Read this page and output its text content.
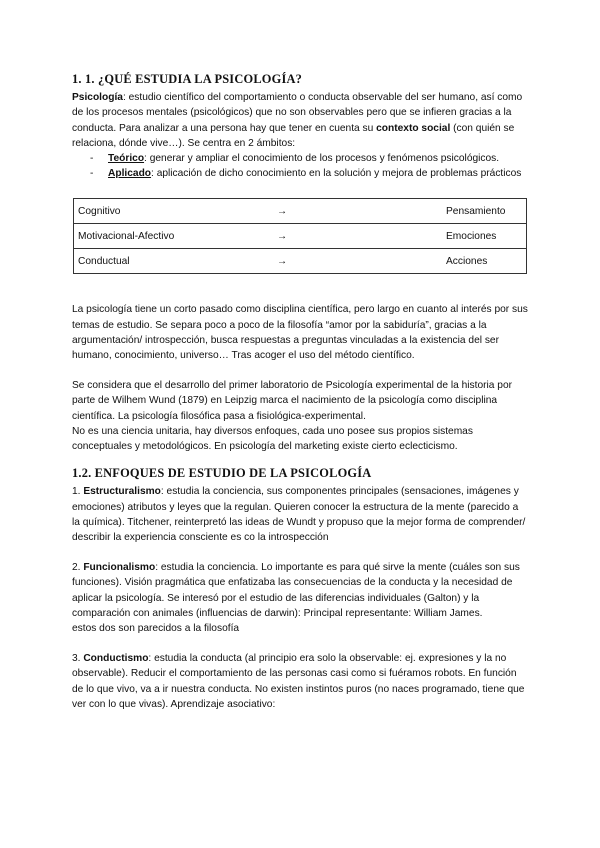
1. 1. ¿QUÉ ESTUDIA LA PSICOLOGÍA?

Psicología: estudio científico del comportamiento o conducta observable del ser humano, así como de los procesos mentales (psicológicos) que no son observables pero que se infieren gracias a la conducta. Para analizar a una persona hay que tener en cuenta su contexto social (con quién se relaciona, dónde vive…). Se centra en 2 ámbitos:

- Teórico: generar y ampliar el conocimiento de los procesos y fenómenos psicológicos.
- Aplicado: aplicación de dicho conocimiento en la solución y mejora de problemas prácticos
Cognitivo	→	Pensamiento
Motivacional-Afectivo	→	Emociones
Conductual	→	Acciones

La psicología tiene un corto pasado como disciplina científica, pero largo en cuanto al interés por sus temas de estudio. Se separa poco a poco de la filosofía “amor por la sabiduría”, gracias a la argumentación/ introspección, busca respuestas a preguntas vinculadas a la existencia del ser humano, conocimiento, universo… Tras acoger el uso del método científico.

Se considera que el desarrollo del primer laboratorio de Psicología experimental de la historia por parte de Wilhem Wund (1879) en Leipzig marca el nacimiento de la psicología como disciplina científica. La psicología filosófica pasa a fisiológica-experimental.

No es una ciencia unitaria, hay diversos enfoques, cada uno posee sus propios sistemas conceptuales y metodológicos. En psicología del marketing existe cierto eclecticismo.

1.2. ENFOQUES DE ESTUDIO DE LA PSICOLOGÍA

1. Estructuralismo: estudia la conciencia, sus componentes principales (sensaciones, imágenes y emociones) atributos y leyes que la regulan. Quieren conocer la estructura de la mente (parecido a la química). Titchener, reinterpretó las ideas de Wundt y propuso que la mejor forma de comprender/ describir la experiencia consciente es co la introspección

2. Funcionalismo: estudia la conciencia. Lo importante es para qué sirve la mente (cuáles son sus funciones). Visión pragmática que enfatizaba las consecuencias de la conducta y la necesidad de aplicar la psicología. Se interesó por el estudio de las diferencias individuales (Galton) y la comparación con animales (influencias de darwin): Principal representante: William James.

estos dos son parecidos a la filosofía

3. Conductismo: estudia la conducta (al principio era solo la observable: ej. expresiones y la no observable). Reducir el comportamiento de las personas casi como si fuéramos robots. En función de lo que vivo, va a ir nuestra conducta. No existen instintos puros (no naces programado, tiene que ver con lo que vivas). Aprendizaje asociativo:
